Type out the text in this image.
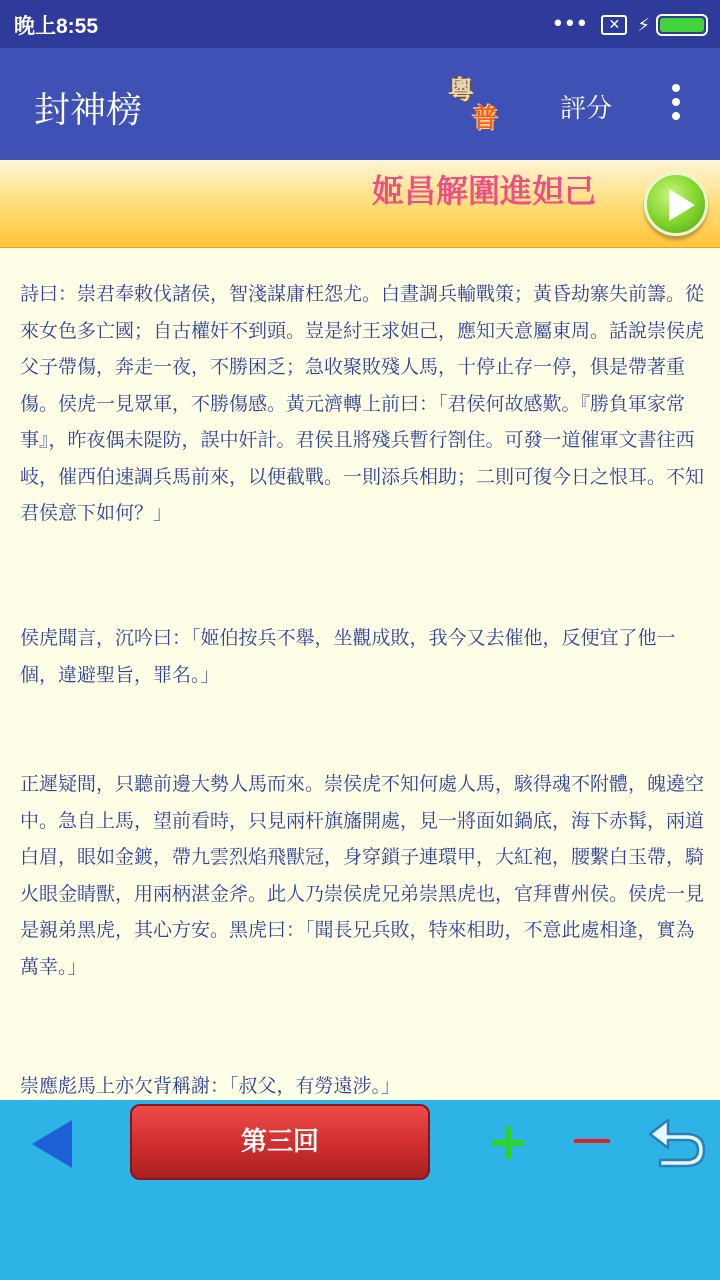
晚上8:55	•••	✕ ⚡
封神榜	粵
普 評分
姬昌解圍進妲己

詩曰：崇君奉敕伐諸侯，智淺謀庸枉怨尤。白晝調兵輸戰策；黃昏劫寨失前籌。從來女色多亡國；自古權奸不到頭。豈是紂王求妲己，應知天意屬東周。話說崇侯虎父子帶傷，奔走一夜，不勝困乏；急收聚敗殘人馬，十停止存一停，俱是帶著重傷。侯虎一見眾軍，不勝傷感。黃元濟轉上前曰：「君侯何故感歎。『勝負軍家常事』，昨夜偶未隄防，誤中奸計。君侯且將殘兵暫行劄住。可發一道催軍文書往西岐，催西伯速調兵馬前來，以便截戰。一則添兵相助；二則可復今日之恨耳。不知君侯意下如何？」

侯虎聞言，沉吟曰：「姬伯按兵不舉，坐觀成敗，我今又去催他，反便宜了他一個，違避聖旨，罪名。」

正遲疑間，只聽前邊大勢人馬而來。崇侯虎不知何處人馬，駭得魂不附體，魄遶空中。急自上馬，望前看時，只見兩杆旗旛開處，見一將面如鍋底，海下赤髯，兩道白眉，眼如金鍍，帶九雲烈焰飛獸冠，身穿鎖子連環甲，大紅袍，腰繫白玉帶，騎火眼金睛獸，用兩柄湛金斧。此人乃崇侯虎兄弟崇黑虎也，官拜曹州侯。侯虎一見是親弟黑虎，其心方安。黑虎曰：「聞長兄兵敗，特來相助，不意此處相逢，實為萬幸。」

崇應彪馬上亦欠背稱謝：「叔父，有勞遠涉。」

第三回	+
